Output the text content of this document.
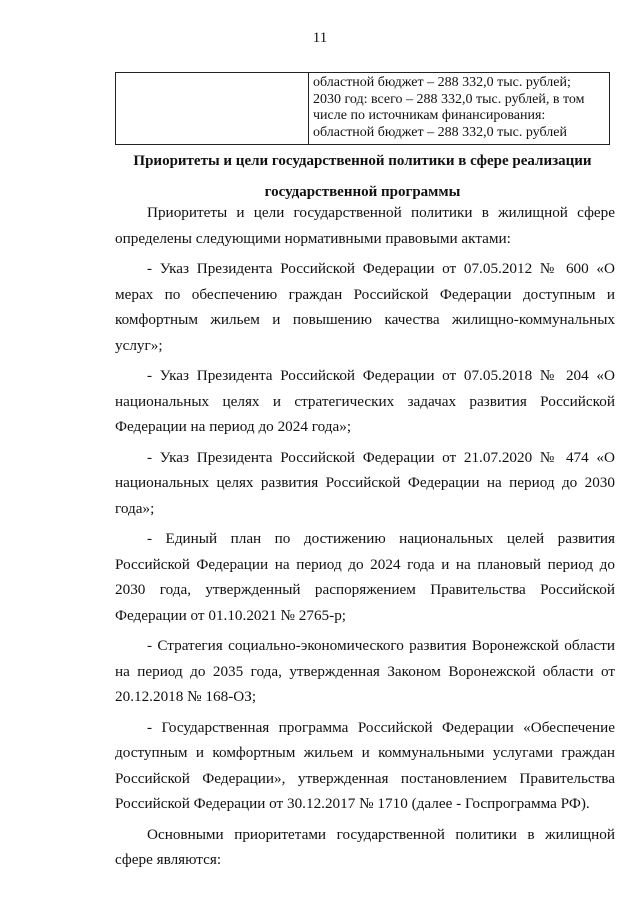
11

областной бюджет – 288 332,0 тыс. рублей;
2030 год: всего – 288 332,0 тыс. рублей, в том
числе по источникам финансирования:
областной бюджет – 288 332,0 тыс. рублей
Приоритеты и цели государственной политики в сфере реализации государственной программы

Приоритеты и цели государственной политики в жилищной сфере определены следующими нормативными правовыми актами:

- Указ Президента Российской Федерации от 07.05.2012 № 600 «О мерах по обеспечению граждан Российской Федерации доступным и комфортным жильем и повышению качества жилищно-коммунальных услуг»;

- Указ Президента Российской Федерации от 07.05.2018 № 204 «О национальных целях и стратегических задачах развития Российской Федерации на период до 2024 года»;

- Указ Президента Российской Федерации от 21.07.2020 № 474 «О национальных целях развития Российской Федерации на период до 2030 года»;

- Единый план по достижению национальных целей развития Российской Федерации на период до 2024 года и на плановый период до 2030 года, утвержденный распоряжением Правительства Российской Федерации от 01.10.2021 № 2765-р;

- Стратегия социально-экономического развития Воронежской области на период до 2035 года, утвержденная Законом Воронежской области от 20.12.2018 № 168-ОЗ;

- Государственная программа Российской Федерации «Обеспечение доступным и комфортным жильем и коммунальными услугами граждан Российской Федерации», утвержденная постановлением Правительства Российской Федерации от 30.12.2017 № 1710 (далее - Госпрограмма РФ).

Основными приоритетами государственной политики в жилищной сфере являются:
